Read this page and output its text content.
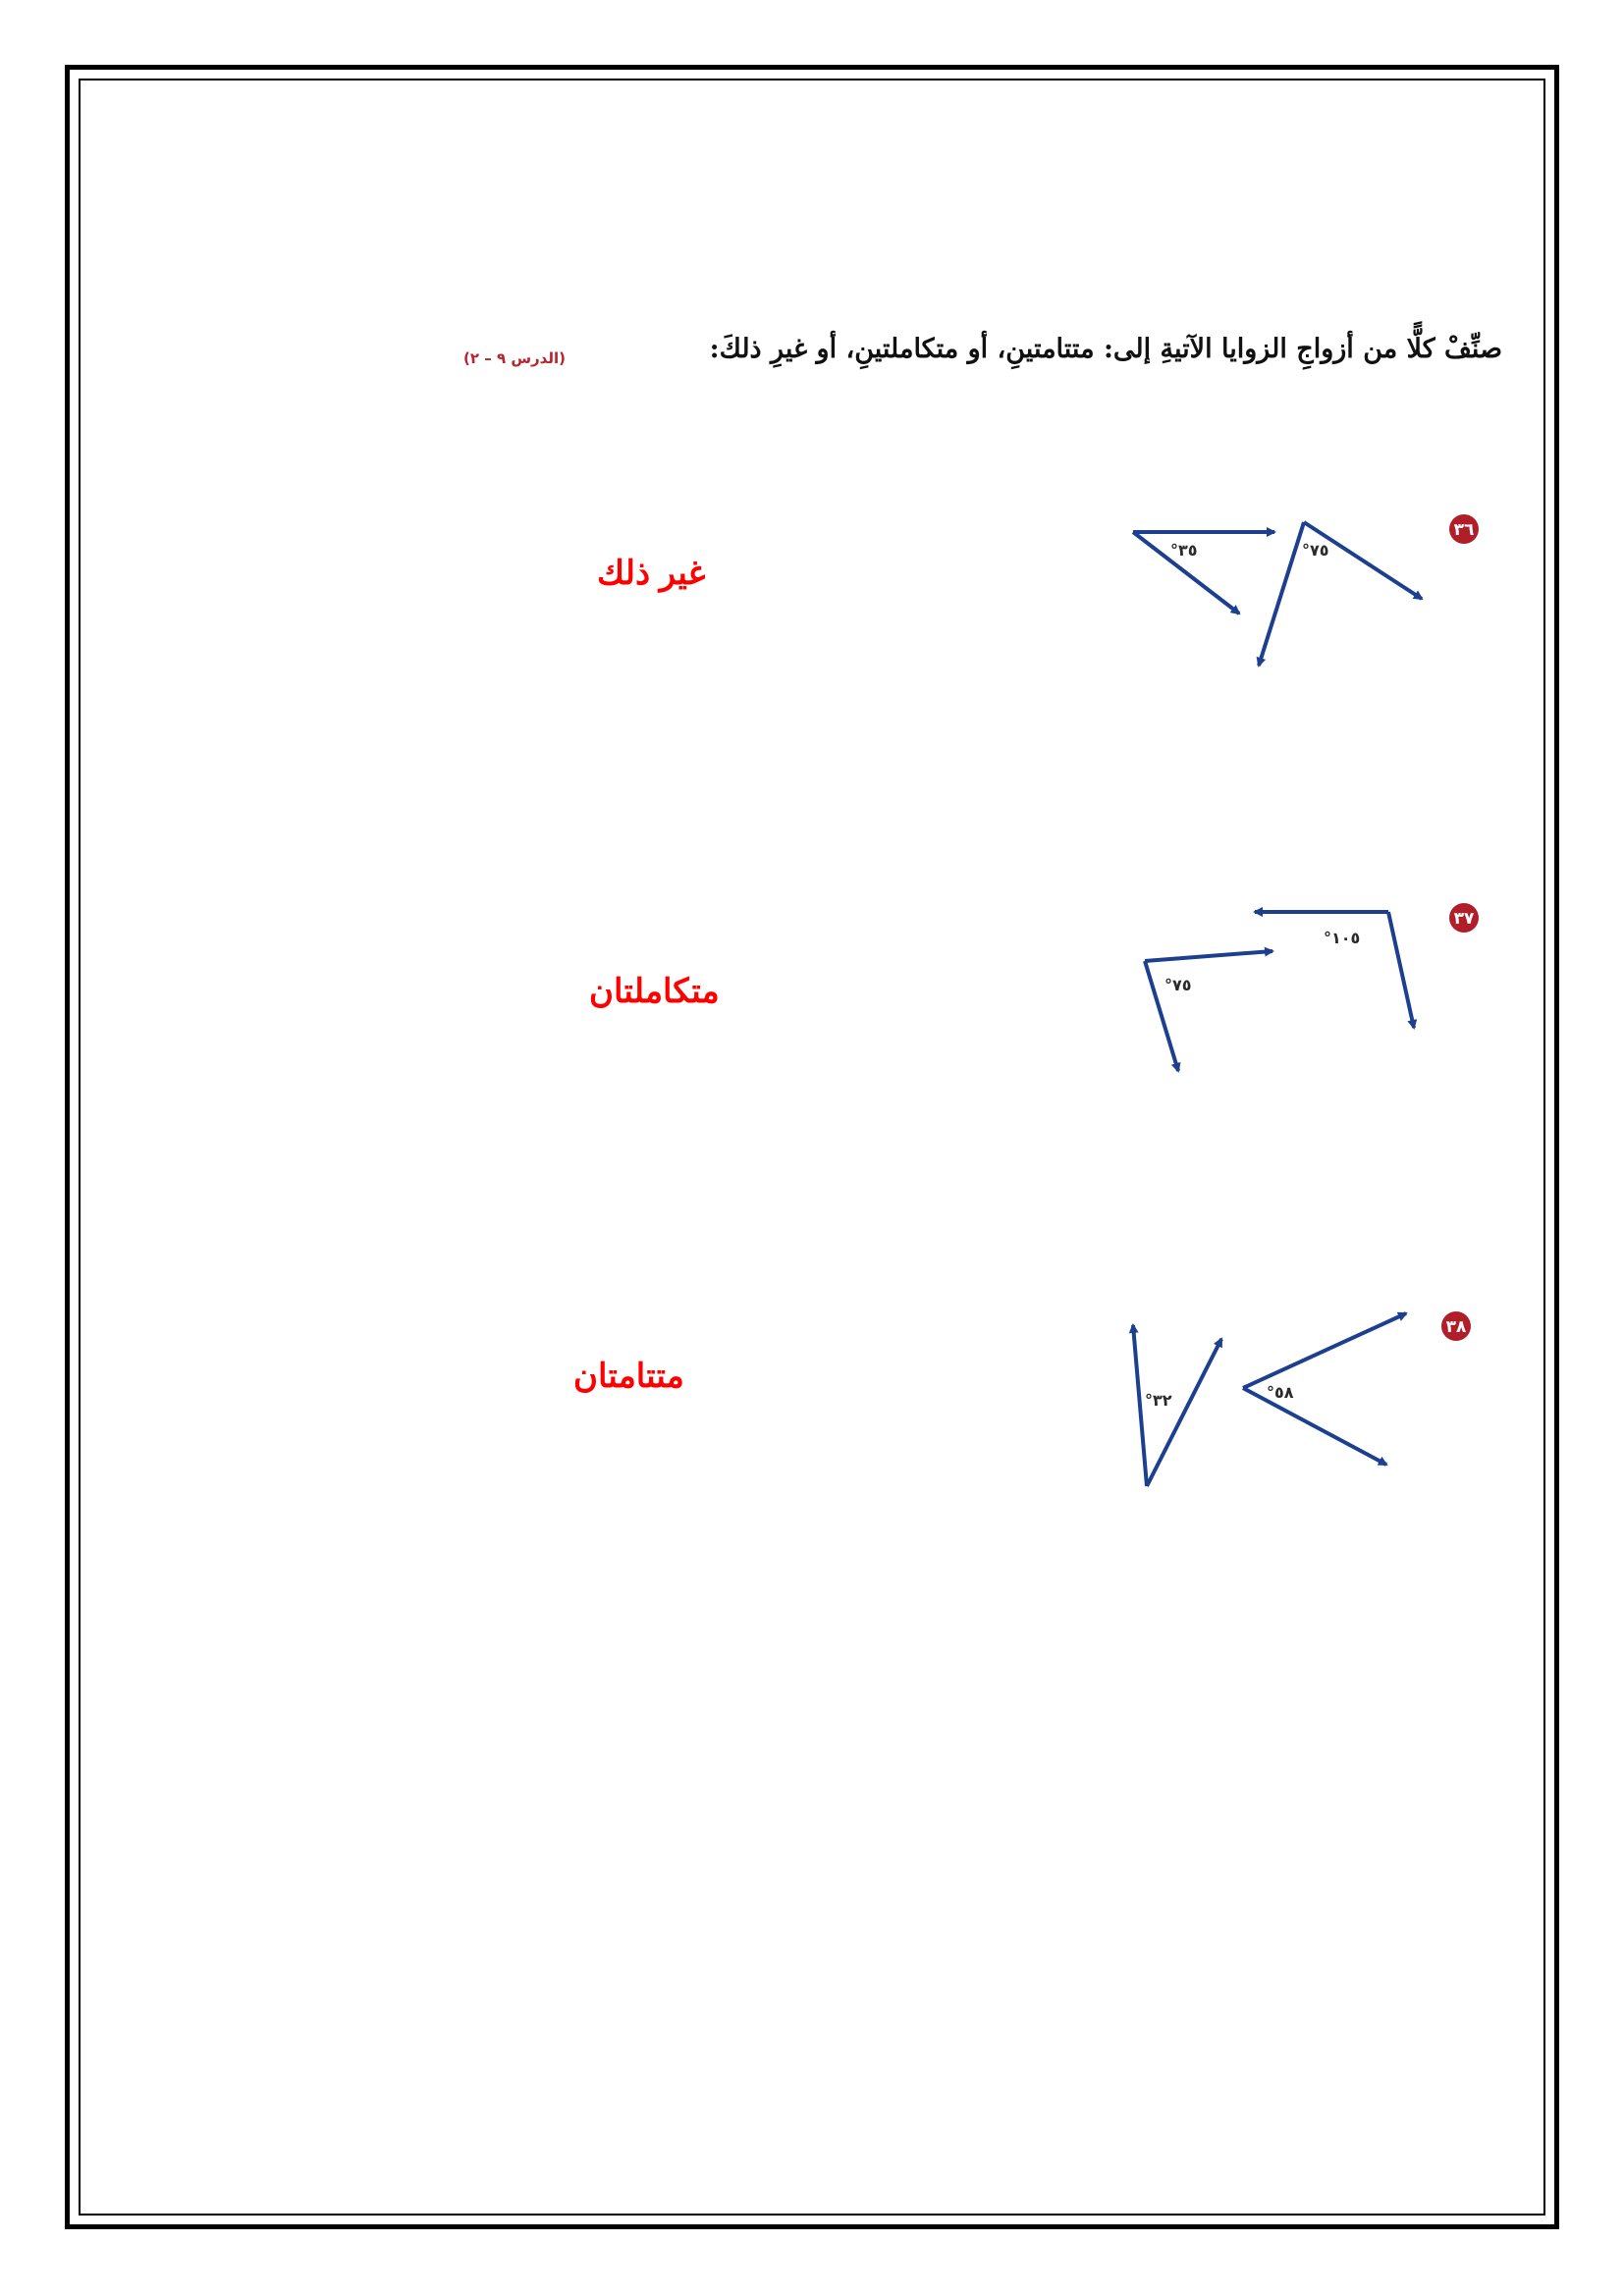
صنِّفْ كلًّا من أزواجِ الزوايا الآتيةِ إلى: متتامتينِ، أو متكاملتينِ، أو غيرِ ذلكَ:
(الدرس ٩ – ٢)
°٣٥	°٧٥
٣٦
غير ذلك
°١٠٥
°٧٥
٣٧
متكاملتان
°٥٨
°٣٢
٣٨
متتامتان
